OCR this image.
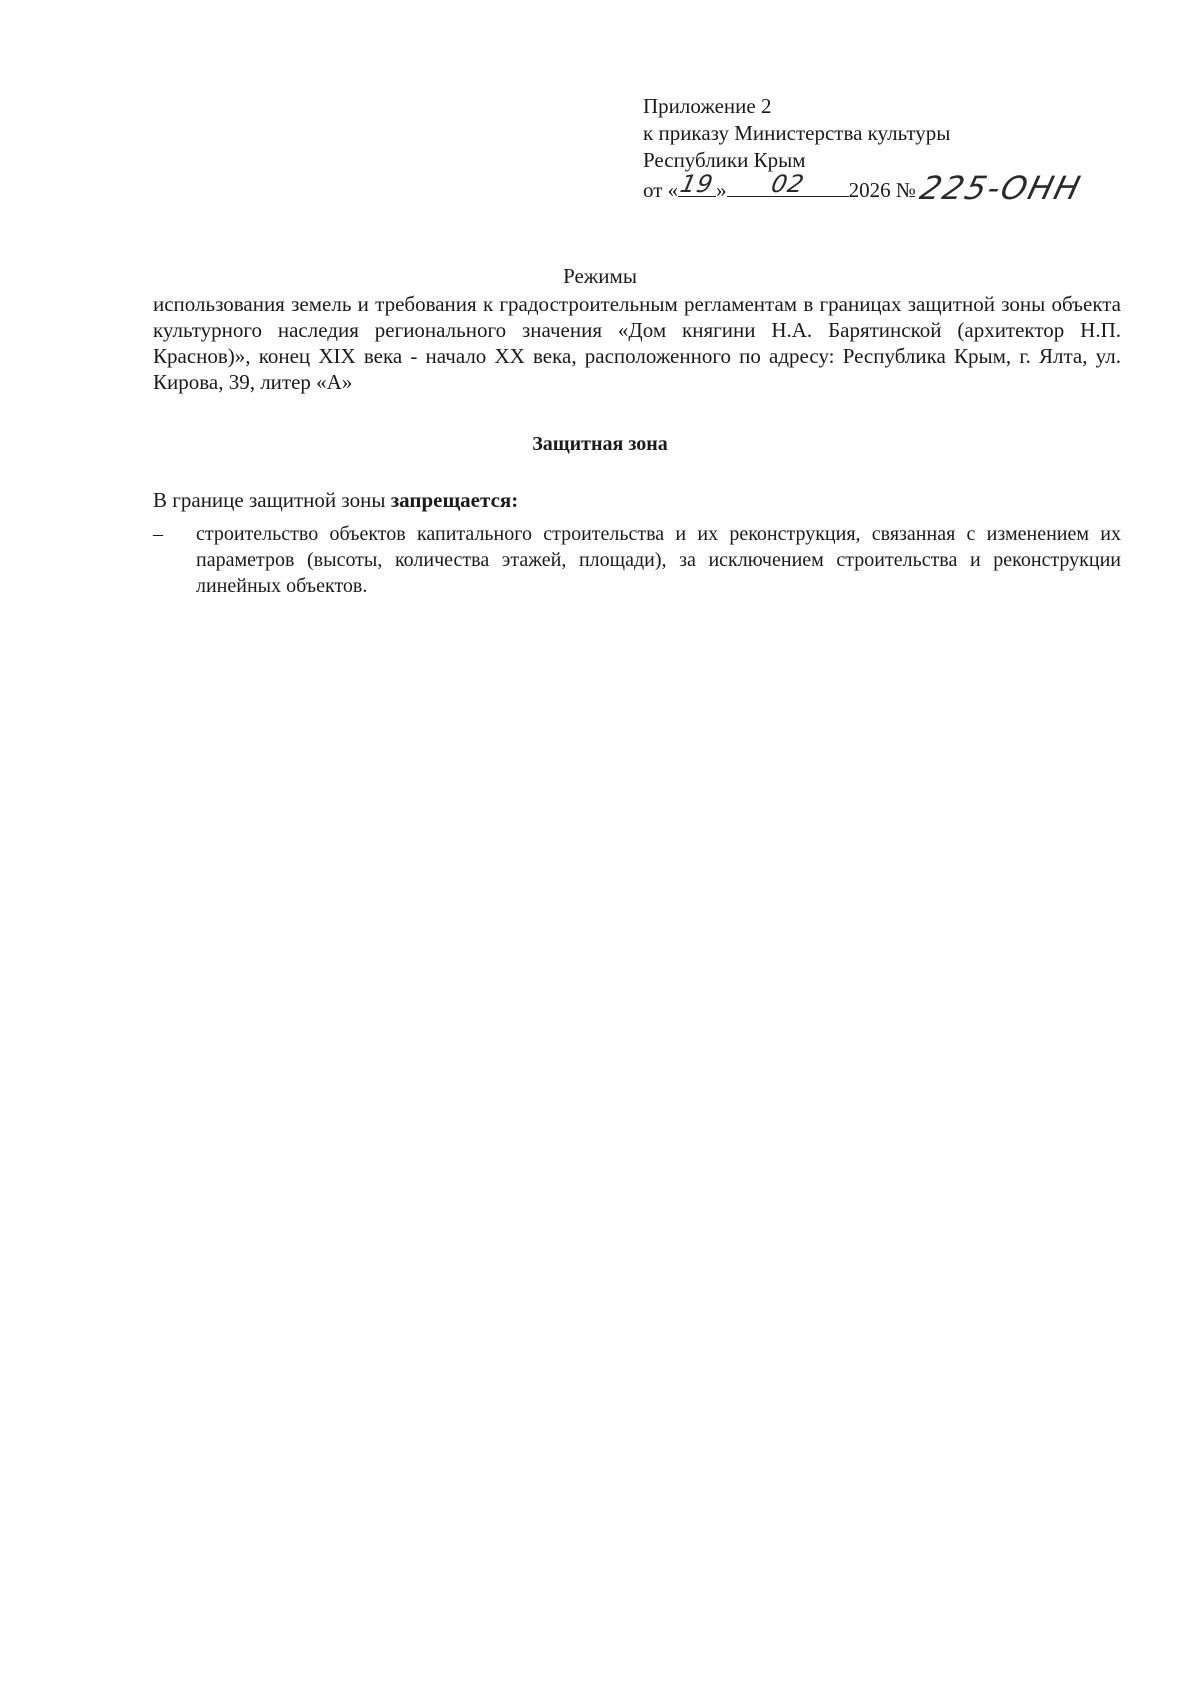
Приложение 2
к приказу Министерства культуры
Республики Крым
от « 19 »	02	2026 № 225-ОНН
Режимы
использования земель и требования к градостроительным регламентам в границах защитной зоны объекта культурного наследия регионального значения «Дом княгини Н.А. Барятинской (архитектор Н.П. Краснов)», конец XIX века - начало XX века, расположенного по адресу: Республика Крым, г. Ялта, ул. Кирова, 39, литер «А»
Защитная зона
В границе защитной зоны запрещается:
– строительство объектов капитального строительства и их реконструкция, связанная с изменением их параметров (высоты, количества этажей, площади), за исключением строительства и реконструкции линейных объектов.
